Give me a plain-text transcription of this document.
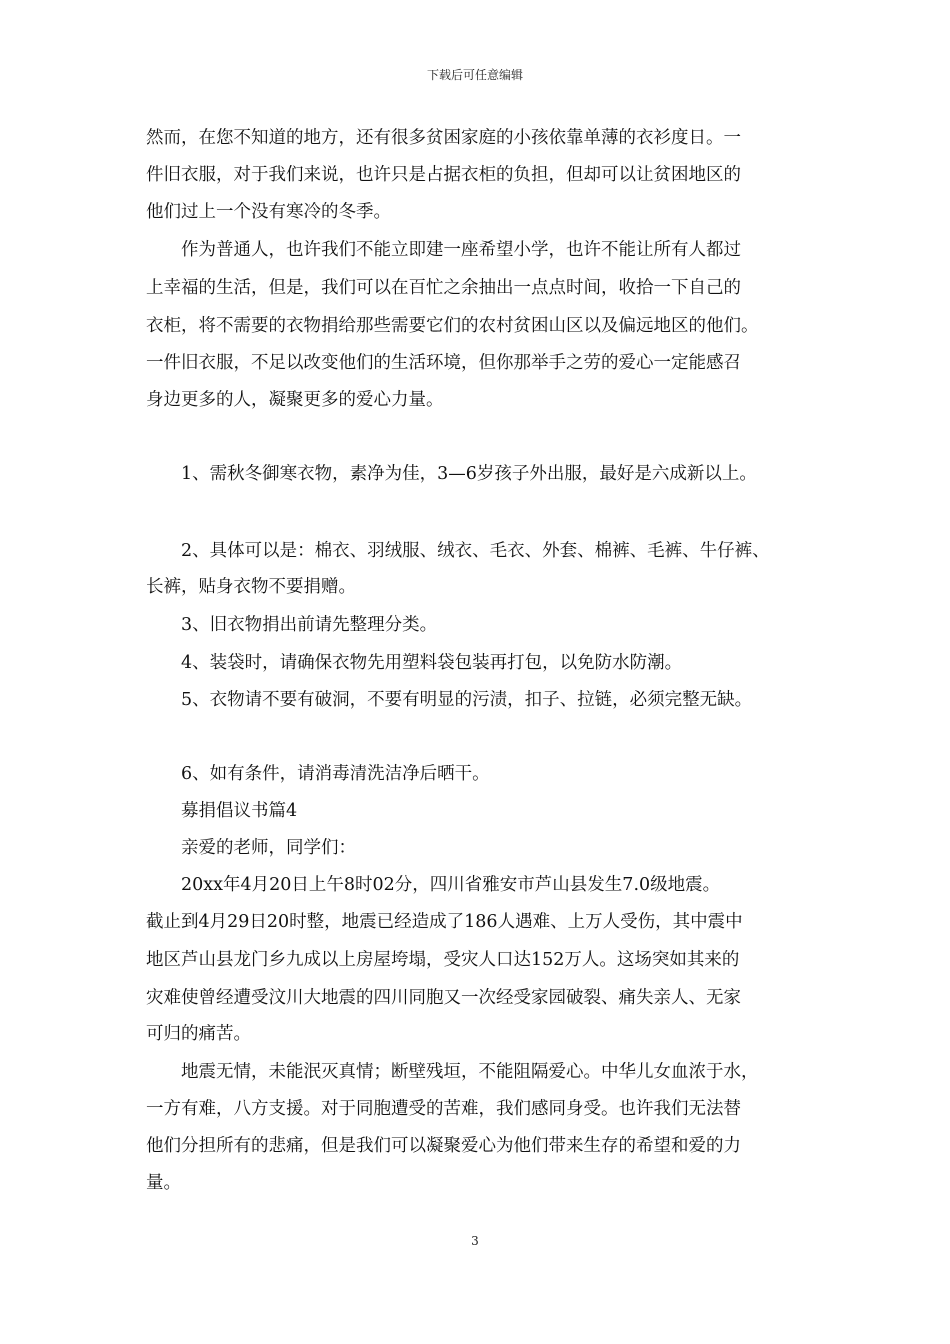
下载后可任意编辑
然而，在您不知道的地方，还有很多贫困家庭的小孩依靠单薄的衣衫度日。一
件旧衣服，对于我们来说，也许只是占据衣柜的负担，但却可以让贫困地区的
他们过上一个没有寒冷的冬季。
作为普通人，也许我们不能立即建一座希望小学，也许不能让所有人都过
上幸福的生活，但是，我们可以在百忙之余抽出一点点时间，收拾一下自己的
衣柜，将不需要的衣物捐给那些需要它们的农村贫困山区以及偏远地区的他们。
一件旧衣服，不足以改变他们的生活环境，但你那举手之劳的爱心一定能感召
身边更多的人，凝聚更多的爱心力量。
1、需秋冬御寒衣物，素净为佳，3—6岁孩子外出服，最好是六成新以上。
2、具体可以是：棉衣、羽绒服、绒衣、毛衣、外套、棉裤、毛裤、牛仔裤、
长裤，贴身衣物不要捐赠。
3、旧衣物捐出前请先整理分类。
4、装袋时，请确保衣物先用塑料袋包装再打包，以免防水防潮。
5、衣物请不要有破洞，不要有明显的污渍，扣子、拉链，必须完整无缺。
6、如有条件，请消毒清洗洁净后晒干。
募捐倡议书篇4
亲爱的老师，同学们：
20xx年4月20日上午8时02分，四川省雅安市芦山县发生7.0级地震。
截止到4月29日20时整，地震已经造成了186人遇难、上万人受伤，其中震中
地区芦山县龙门乡九成以上房屋垮塌，受灾人口达152万人。这场突如其来的
灾难使曾经遭受汶川大地震的四川同胞又一次经受家园破裂、痛失亲人、无家
可归的痛苦。
地震无情，未能泯灭真情；断壁残垣，不能阻隔爱心。中华儿女血浓于水，
一方有难，八方支援。对于同胞遭受的苦难，我们感同身受。也许我们无法替
他们分担所有的悲痛，但是我们可以凝聚爱心为他们带来生存的希望和爱的力
量。
3
